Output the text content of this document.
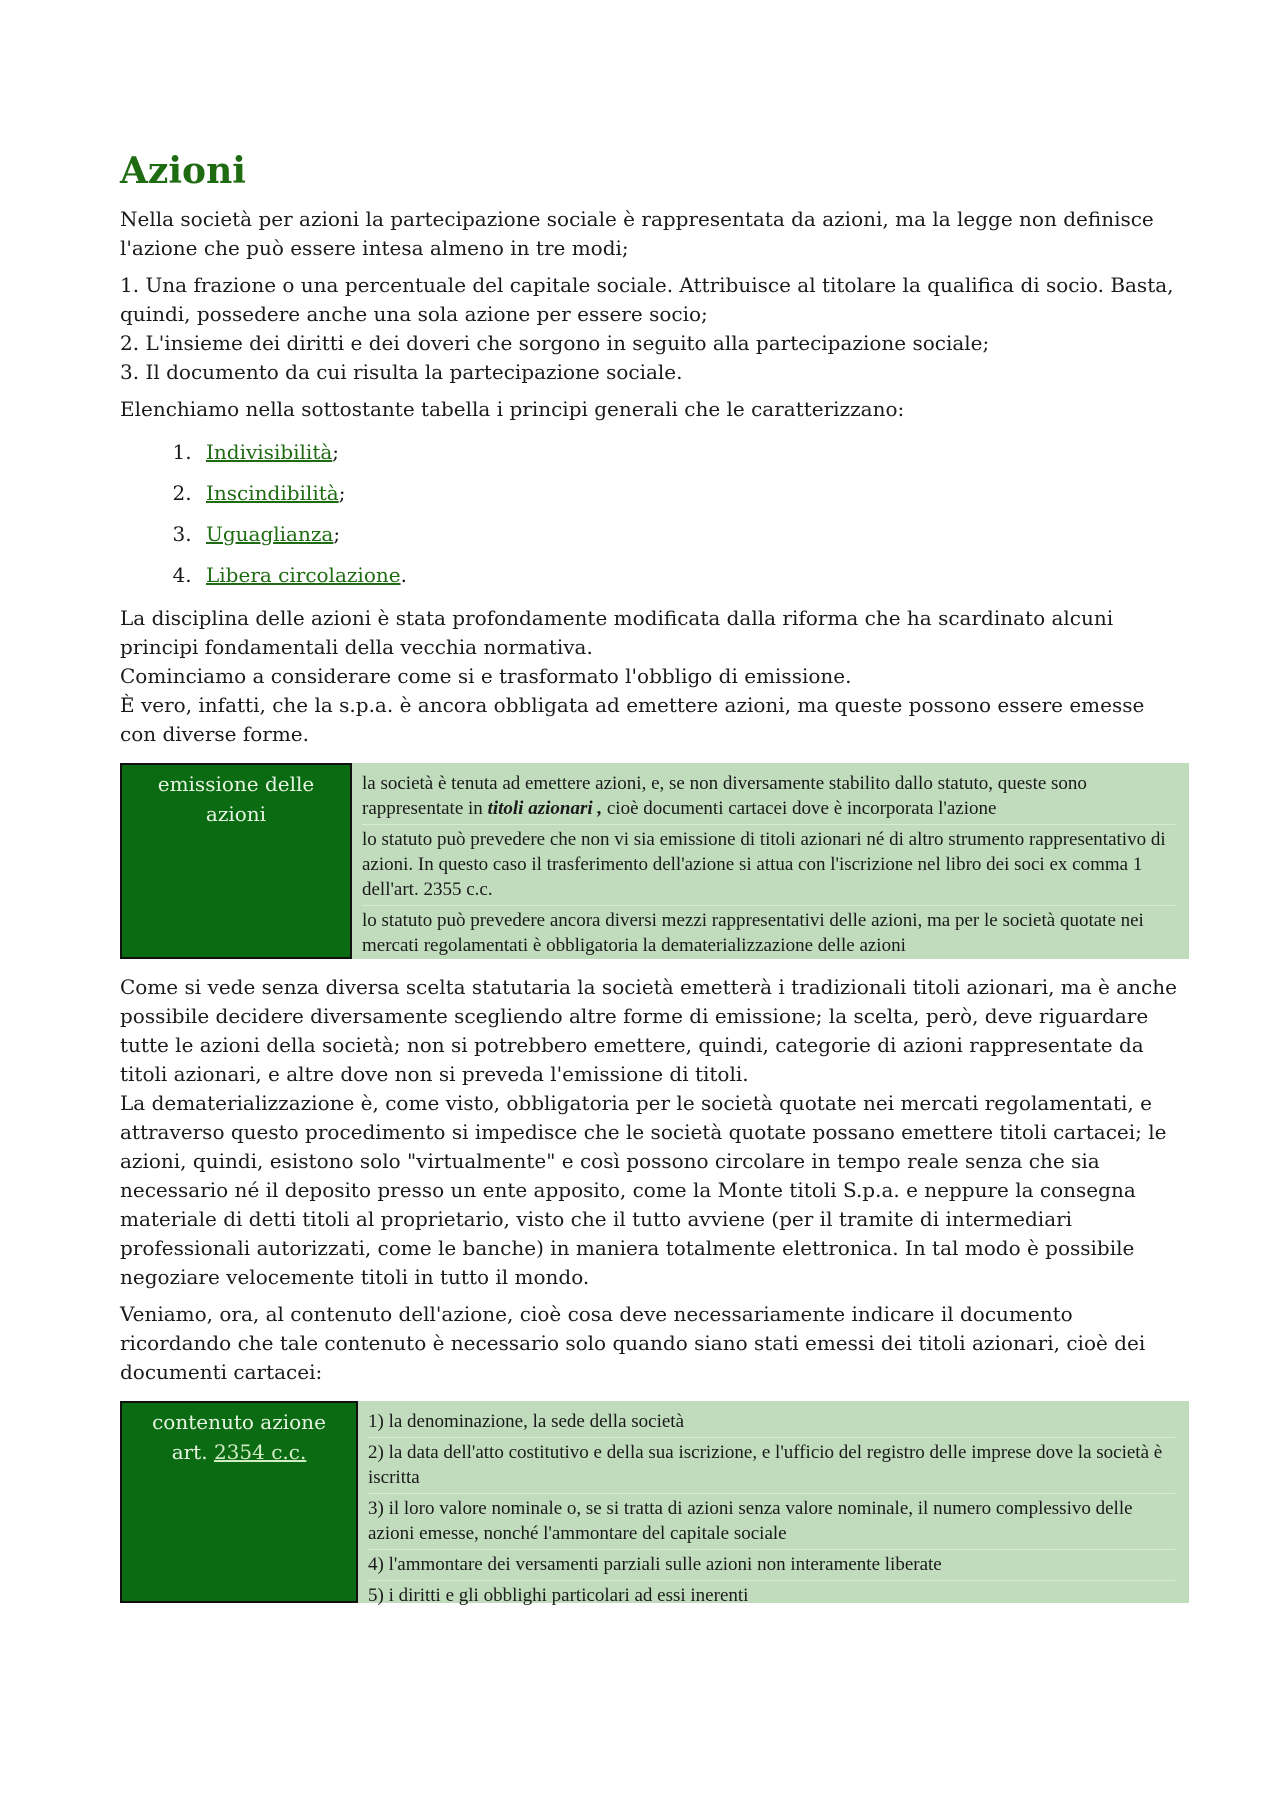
Azioni

Nella società per azioni la partecipazione sociale è rappresentata da azioni, ma la legge non definisce l'azione che può essere intesa almeno in tre modi;

1. Una frazione o una percentuale del capitale sociale. Attribuisce al titolare la qualifica di socio. Basta, quindi, possedere anche una sola azione per essere socio;

2. L'insieme dei diritti e dei doveri che sorgono in seguito alla partecipazione sociale;

3. Il documento da cui risulta la partecipazione sociale.

Elenchiamo nella sottostante tabella i principi generali che le caratterizzano:

1. Indivisibilità;
2. Inscindibilità;
3. Uguaglianza;
4. Libera circolazione.

La disciplina delle azioni è stata profondamente modificata dalla riforma che ha scardinato alcuni principi fondamentali della vecchia normativa.

Cominciamo a considerare come si e trasformato l'obbligo di emissione.

È vero, infatti, che la s.p.a. è ancora obbligata ad emettere azioni, ma queste possono essere emesse con diverse forme.

emissione delle azioni
la società è tenuta ad emettere azioni, e, se non diversamente stabilito dallo statuto, queste sono rappresentate in titoli azionari , cioè documenti cartacei dove è incorporata l'azione
lo statuto può prevedere che non vi sia emissione di titoli azionari né di altro strumento rappresentativo di azioni. In questo caso il trasferimento dell'azione si attua con l'iscrizione nel libro dei soci ex comma 1 dell'art. 2355 c.c.
lo statuto può prevedere ancora diversi mezzi rappresentativi delle azioni, ma per le società quotate nei mercati regolamentati è obbligatoria la dematerializzazione delle azioni

Come si vede senza diversa scelta statutaria la società emetterà i tradizionali titoli azionari, ma è anche possibile decidere diversamente scegliendo altre forme di emissione; la scelta, però, deve riguardare tutte le azioni della società; non si potrebbero emettere, quindi, categorie di azioni rappresentate da titoli azionari, e altre dove non si preveda l'emissione di titoli.

La dematerializzazione è, come visto, obbligatoria per le società quotate nei mercati regolamentati, e attraverso questo procedimento si impedisce che le società quotate possano emettere titoli cartacei; le azioni, quindi, esistono solo "virtualmente" e così possono circolare in tempo reale senza che sia necessario né il deposito presso un ente apposito, come la Monte titoli S.p.a. e neppure la consegna materiale di detti titoli al proprietario, visto che il tutto avviene (per il tramite di intermediari professionali autorizzati, come le banche) in maniera totalmente elettronica. In tal modo è possibile negoziare velocemente titoli in tutto il mondo.

Veniamo, ora, al contenuto dell'azione, cioè cosa deve necessariamente indicare il documento ricordando che tale contenuto è necessario solo quando siano stati emessi dei titoli azionari, cioè dei documenti cartacei:

contenuto azione
art. 2354 c.c.
1) la denominazione, la sede della società
2) la data dell'atto costitutivo e della sua iscrizione, e l'ufficio del registro delle imprese dove la società è iscritta
3) il loro valore nominale o, se si tratta di azioni senza valore nominale, il numero complessivo delle azioni emesse, nonché l'ammontare del capitale sociale
4) l'ammontare dei versamenti parziali sulle azioni non interamente liberate
5) i diritti e gli obblighi particolari ad essi inerenti
